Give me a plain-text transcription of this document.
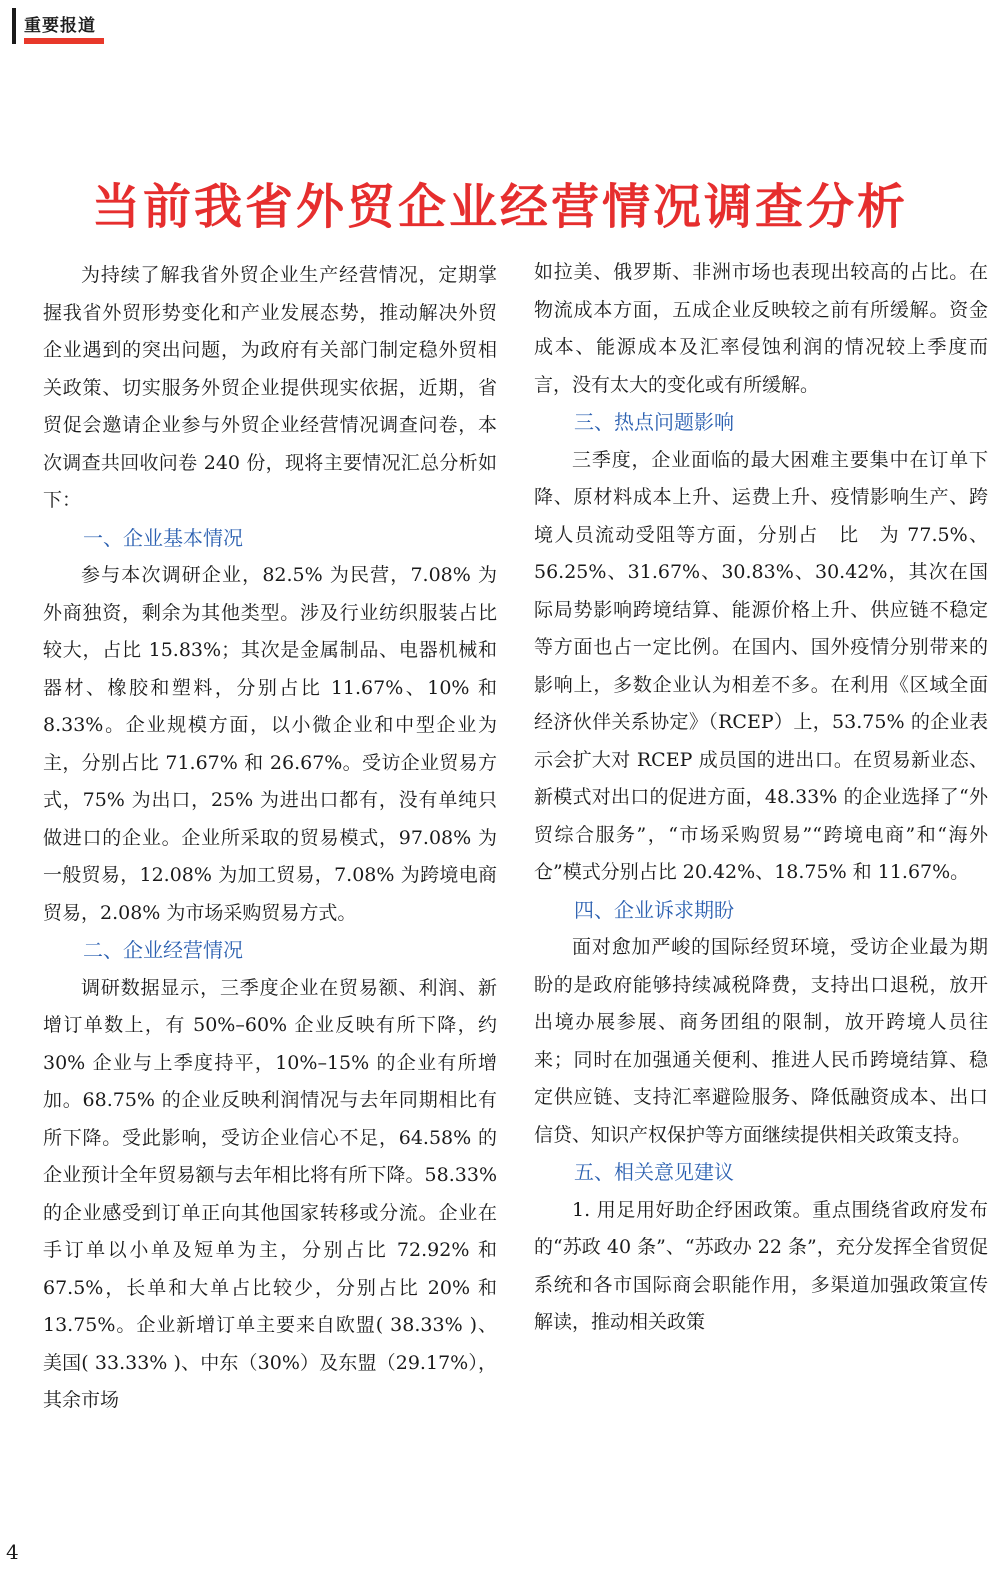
重要报道
当前我省外贸企业经营情况调查分析

为持续了解我省外贸企业生产经营情况，定期掌握我省外贸形势变化和产业发展态势，推动解决外贸企业遇到的突出问题，为政府有关部门制定稳外贸相关政策、切实服务外贸企业提供现实依据，近期，省贸促会邀请企业参与外贸企业经营情况调查问卷，本次调查共回收问卷 240 份，现将主要情况汇总分析如下：

一、企业基本情况

参与本次调研企业，82.5% 为民营，7.08% 为外商独资，剩余为其他类型。涉及行业纺织服装占比较大，占比 15.83%；其次是金属制品、电器机械和器材、橡胶和塑料，分别占比 11.67%、10% 和 8.33%。企业规模方面，以小微企业和中型企业为主，分别占比 71.67% 和 26.67%。受访企业贸易方式，75% 为出口，25% 为进出口都有，没有单纯只做进口的企业。企业所采取的贸易模式，97.08% 为一般贸易，12.08% 为加工贸易，7.08% 为跨境电商贸易，2.08% 为市场采购贸易方式。

二、企业经营情况

调研数据显示，三季度企业在贸易额、利润、新增订单数上，有 50%–60% 企业反映有所下降，约 30% 企业与上季度持平，10%–15% 的企业有所增加。68.75% 的企业反映利润情况与去年同期相比有所下降。受此影响，受访企业信心不足，64.58% 的企业预计全年贸易额与去年相比将有所下降。58.33% 的企业感受到订单正向其他国家转移或分流。企业在手订单以小单及短单为主，分别占比 72.92% 和 67.5%，长单和大单占比较少，分别占比 20% 和 13.75%。企业新增订单主要来自欧盟( 38.33% )、美国( 33.33% )、中东（30%）及东盟（29.17%），其余市场

如拉美、俄罗斯、非洲市场也表现出较高的占比。在物流成本方面，五成企业反映较之前有所缓解。资金成本、能源成本及汇率侵蚀利润的情况较上季度而言，没有太大的变化或有所缓解。

三、热点问题影响

三季度，企业面临的最大困难主要集中在订单下降、原材料成本上升、运费上升、疫情影响生产、跨境人员流动受阻等方面，分别占　比　为 77.5%、56.25%、31.67%、30.83%、30.42%，其次在国际局势影响跨境结算、能源价格上升、供应链不稳定等方面也占一定比例。在国内、国外疫情分别带来的影响上，多数企业认为相差不多。在利用《区域全面经济伙伴关系协定》（RCEP）上，53.75% 的企业表示会扩大对 RCEP 成员国的进出口。在贸易新业态、新模式对出口的促进方面，48.33% 的企业选择了“外贸综合服务”，“市场采购贸易”“跨境电商”和“海外仓”模式分别占比 20.42%、18.75% 和 11.67%。

四、企业诉求期盼

面对愈加严峻的国际经贸环境，受访企业最为期盼的是政府能够持续减税降费，支持出口退税，放开出境办展参展、商务团组的限制，放开跨境人员往来；同时在加强通关便利、推进人民币跨境结算、稳定供应链、支持汇率避险服务、降低融资成本、出口信贷、知识产权保护等方面继续提供相关政策支持。

五、相关意见建议

1. 用足用好助企纾困政策。重点围绕省政府发布的“苏政 40 条”、“苏政办 22 条”，充分发挥全省贸促系统和各市国际商会职能作用，多渠道加强政策宣传解读，推动相关政策

4
